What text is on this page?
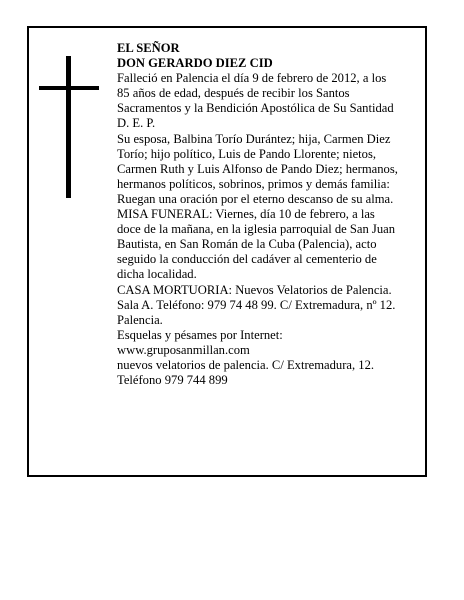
EL SEÑOR
DON GERARDO DIEZ CID
Falleció en Palencia el día 9 de febrero de 2012, a los
85 años de edad, después de recibir los Santos
Sacramentos y la Bendición Apostólica de Su Santidad
D. E. P.
Su esposa, Balbina Torío Durántez; hija, Carmen Diez
Torío; hijo político, Luis de Pando Llorente; nietos,
Carmen Ruth y Luis Alfonso de Pando Diez; hermanos,
hermanos políticos, sobrinos, primos y demás familia:
Ruegan una oración por el eterno descanso de su alma.
MISA FUNERAL: Viernes, día 10 de febrero, a las
doce de la mañana, en la iglesia parroquial de San Juan
Bautista, en San Román de la Cuba (Palencia), acto
seguido la conducción del cadáver al cementerio de
dicha localidad.
CASA MORTUORIA: Nuevos Velatorios de Palencia.
Sala A. Teléfono: 979 74 48 99. C/ Extremadura, nº 12.
Palencia.
Esquelas y pésames por Internet:
www.gruposanmillan.com
nuevos velatorios de palencia. C/ Extremadura, 12.
Teléfono 979 744 899
